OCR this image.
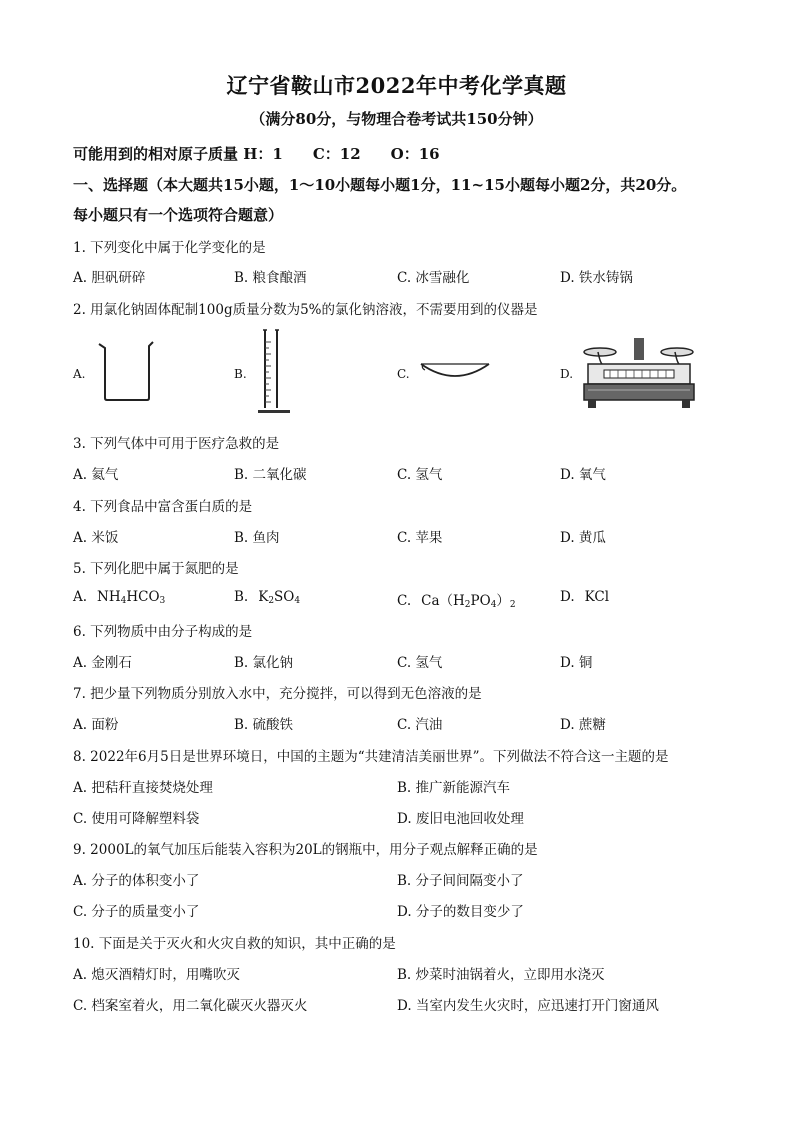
辽宁省鞍山市2022年中考化学真题
（满分80分，与物理合卷考试共150分钟）
可能用到的相对原子质量 H：1　　C：12　　O：16
一、选择题（本大题共15小题，1～10小题每小题1分，11~15小题每小题2分，共20分。
每小题只有一个选项符合题意）
1. 下列变化中属于化学变化的是
A. 胆矾研碎	B. 粮食酿酒	C. 冰雪融化	D. 铁水铸锅
2. 用氯化钠固体配制100g质量分数为5%的氯化钠溶液，不需要用到的仪器是
A.	B.	C.	D.
3. 下列气体中可用于医疗急救的是
A. 氦气	B. 二氧化碳	C. 氢气	D. 氧气
4. 下列食品中富含蛋白质的是
A. 米饭	B. 鱼肉	C. 苹果	D. 黄瓜
5. 下列化肥中属于氮肥的是
A. $NH_4HCO_3$	B. $K_2SO_4$	C. $Ca(H_2PO_4)_2$	D. KCl
6. 下列物质中由分子构成的是
A. 金刚石	B. 氯化钠	C. 氢气	D. 铜
7. 把少量下列物质分别放入水中，充分搅拌，可以得到无色溶液的是
A. 面粉	B. 硫酸铁	C. 汽油	D. 蔗糖
8. 2022年6月5日是世界环境日，中国的主题为“共建清洁美丽世界”。下列做法不符合这一主题的是
A. 把秸秆直接焚烧处理	B. 推广新能源汽车
C. 使用可降解塑料袋	D. 废旧电池回收处理
9. 2000L的氧气加压后能装入容积为20L的钢瓶中，用分子观点解释正确的是
A. 分子的体积变小了	B. 分子间间隔变小了
C. 分子的质量变小了	D. 分子的数目变少了
10. 下面是关于灭火和火灾自救的知识，其中正确的是
A. 熄灭酒精灯时，用嘴吹灭	B. 炒菜时油锅着火，立即用水浇灭
C. 档案室着火，用二氧化碳灭火器灭火	D. 当室内发生火灾时，应迅速打开门窗通风
